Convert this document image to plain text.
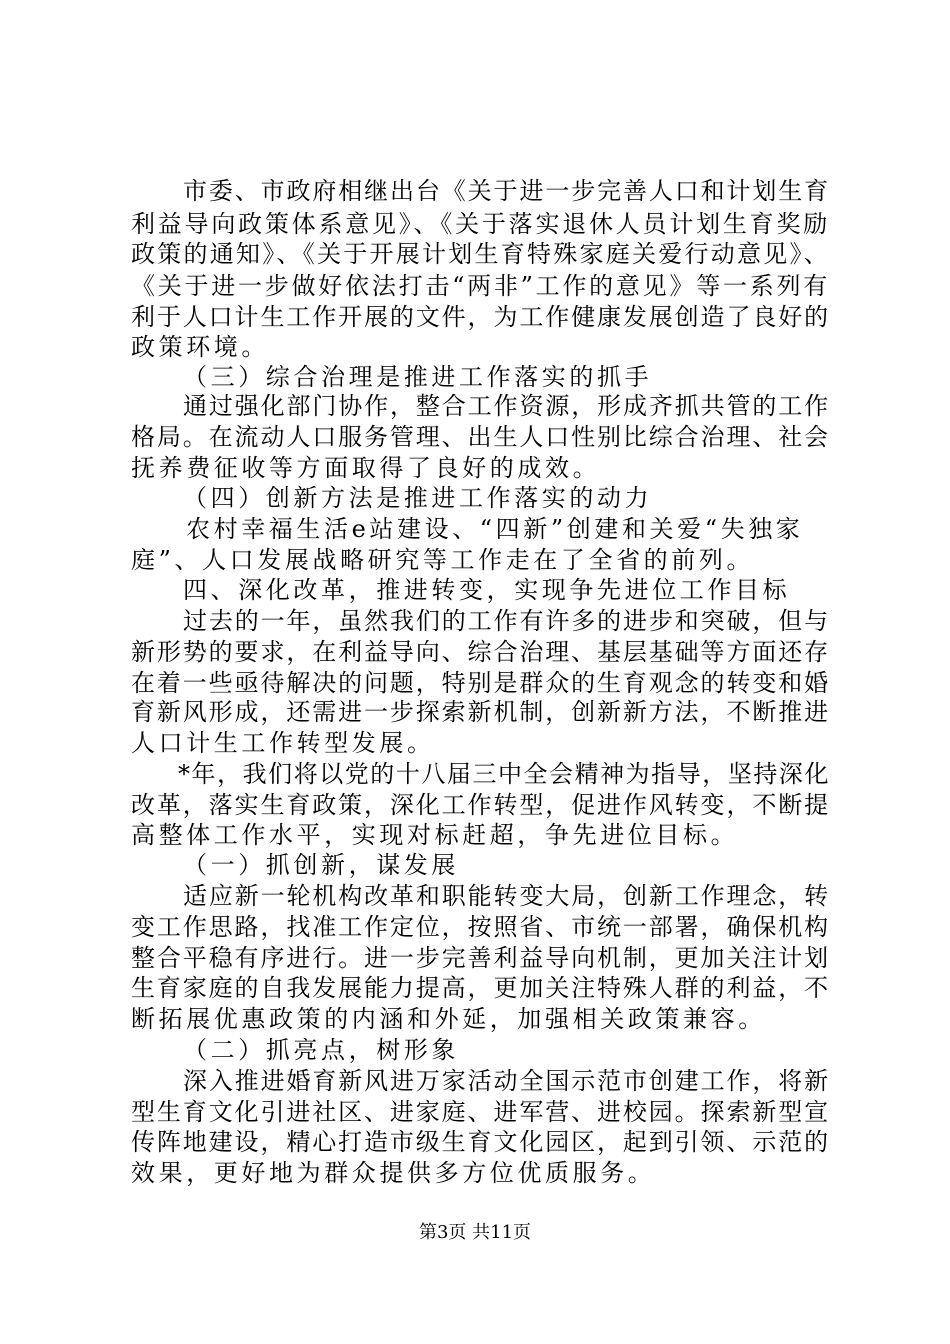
市委、市政府相继出台《关于进一步完善人口和计划生育
利益导向政策体系意见》、《关于落实退休人员计划生育奖励
政策的通知》、《关于开展计划生育特殊家庭关爱行动意见》、
《关于进一步做好依法打击“两非”工作的意见》等一系列有
利于人口计生工作开展的文件，为工作健康发展创造了良好的
政策环境。
（三）综合治理是推进工作落实的抓手
通过强化部门协作，整合工作资源，形成齐抓共管的工作
格局。在流动人口服务管理、出生人口性别比综合治理、社会
抚养费征收等方面取得了良好的成效。
（四）创新方法是推进工作落实的动力
农村幸福生活e站建设、“四新”创建和关爱“失独家
庭”、人口发展战略研究等工作走在了全省的前列。
四、深化改革，推进转变，实现争先进位工作目标
过去的一年，虽然我们的工作有许多的进步和突破，但与
新形势的要求，在利益导向、综合治理、基层基础等方面还存
在着一些亟待解决的问题，特别是群众的生育观念的转变和婚
育新风形成，还需进一步探索新机制，创新新方法，不断推进
人口计生工作转型发展。
*年，我们将以党的十八届三中全会精神为指导，坚持深化
改革，落实生育政策，深化工作转型，促进作风转变，不断提
高整体工作水平，实现对标赶超，争先进位目标。
（一）抓创新，谋发展
适应新一轮机构改革和职能转变大局，创新工作理念，转
变工作思路，找准工作定位，按照省、市统一部署，确保机构
整合平稳有序进行。进一步完善利益导向机制，更加关注计划
生育家庭的自我发展能力提高，更加关注特殊人群的利益，不
断拓展优惠政策的内涵和外延，加强相关政策兼容。
（二）抓亮点，树形象
深入推进婚育新风进万家活动全国示范市创建工作，将新
型生育文化引进社区、进家庭、进军营、进校园。探索新型宣
传阵地建设，精心打造市级生育文化园区，起到引领、示范的
效果，更好地为群众提供多方位优质服务。
第3页 共11页
